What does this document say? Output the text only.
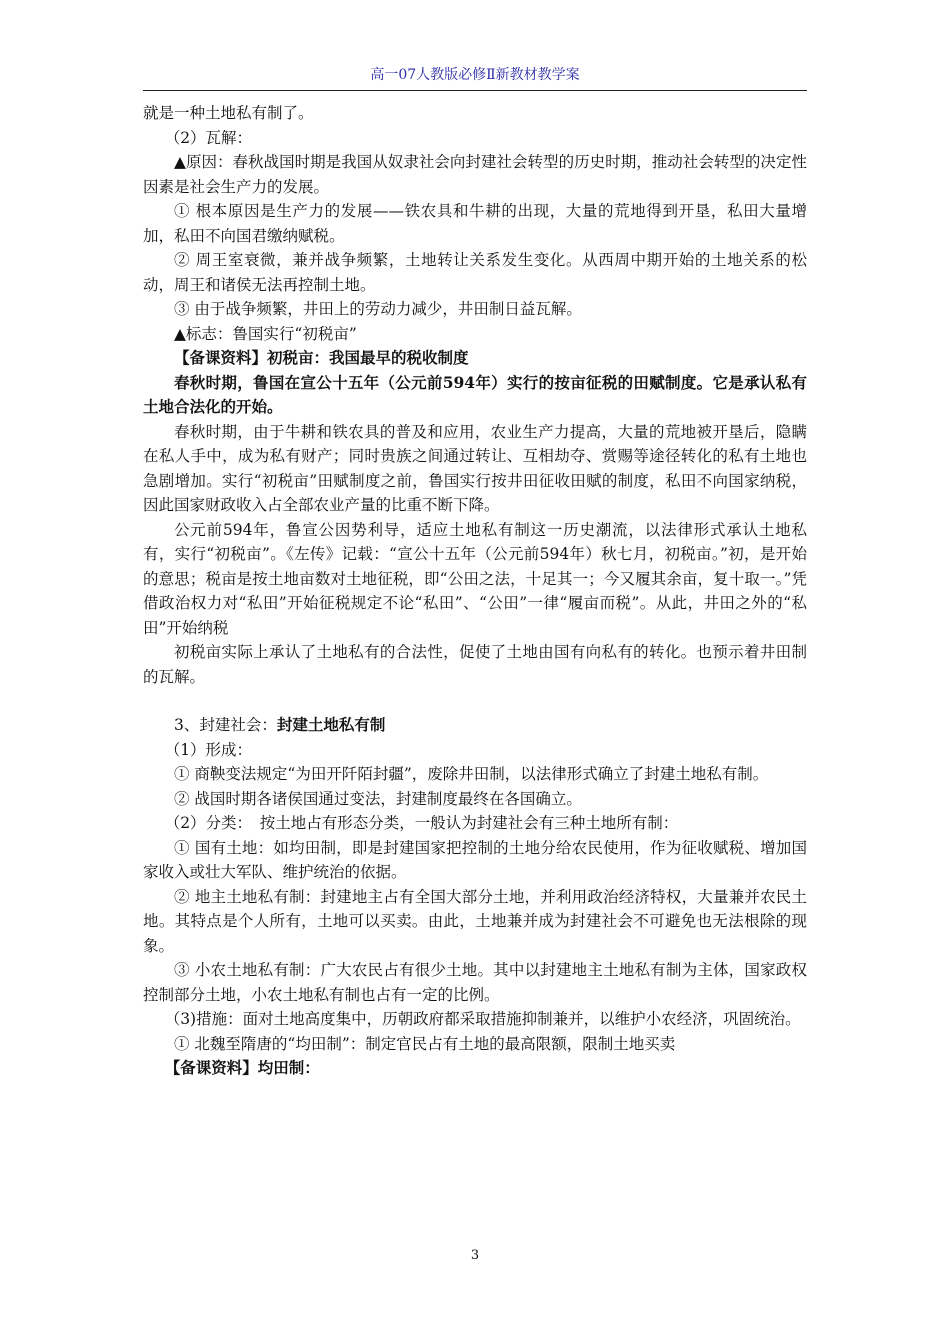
高一07人教版必修Ⅱ新教材教学案

就是一种土地私有制了。

（2）瓦解：

▲原因：春秋战国时期是我国从奴隶社会向封建社会转型的历史时期，推动社会转型的决定性因素是社会生产力的发展。

① 根本原因是生产力的发展——铁农具和牛耕的出现，大量的荒地得到开垦，私田大量增加，私田不向国君缴纳赋税。

② 周王室衰微，兼并战争频繁，土地转让关系发生变化。从西周中期开始的土地关系的松动，周王和诸侯无法再控制土地。

③ 由于战争频繁，井田上的劳动力减少，井田制日益瓦解。

▲标志：鲁国实行“初税亩”

【备课资料】初税亩：我国最早的税收制度

春秋时期，鲁国在宣公十五年（公元前594年）实行的按亩征税的田赋制度。它是承认私有土地合法化的开始。

春秋时期，由于牛耕和铁农具的普及和应用，农业生产力提高，大量的荒地被开垦后，隐瞒在私人手中，成为私有财产；同时贵族之间通过转让、互相劫夺、赏赐等途径转化的私有土地也急剧增加。实行“初税亩”田赋制度之前，鲁国实行按井田征收田赋的制度，私田不向国家纳税，因此国家财政收入占全部农业产量的比重不断下降。

公元前594年，鲁宣公因势利导，适应土地私有制这一历史潮流，以法律形式承认土地私有，实行“初税亩”。《左传》记载：“宣公十五年（公元前594年）秋七月，初税亩。”初，是开始的意思；税亩是按土地亩数对土地征税，即“公田之法，十足其一；今又履其余亩，复十取一。”凭借政治权力对“私田”开始征税规定不论“私田”、“公田”一律“履亩而税”。从此，井田之外的“私田”开始纳税

初税亩实际上承认了土地私有的合法性，促使了土地由国有向私有的转化。也预示着井田制的瓦解。

3、封建社会：封建土地私有制

（1）形成：

① 商鞅变法规定“为田开阡陌封疆”，废除井田制，以法律形式确立了封建土地私有制。

② 战国时期各诸侯国通过变法，封建制度最终在各国确立。

（2）分类：　按土地占有形态分类，一般认为封建社会有三种土地所有制：

① 国有土地：如均田制，即是封建国家把控制的土地分给农民使用，作为征收赋税、增加国家收入或壮大军队、维护统治的依据。

② 地主土地私有制：封建地主占有全国大部分土地，并利用政治经济特权，大量兼并农民土地。其特点是个人所有，土地可以买卖。由此，土地兼并成为封建社会不可避免也无法根除的现象。

③ 小农土地私有制：广大农民占有很少土地。其中以封建地主土地私有制为主体，国家政权控制部分土地，小农土地私有制也占有一定的比例。

（3)措施：面对土地高度集中，历朝政府都采取措施抑制兼并，以维护小农经济，巩固统治。

① 北魏至隋唐的“均田制”：制定官民占有土地的最高限额，限制土地买卖

【备课资料】均田制：

3
